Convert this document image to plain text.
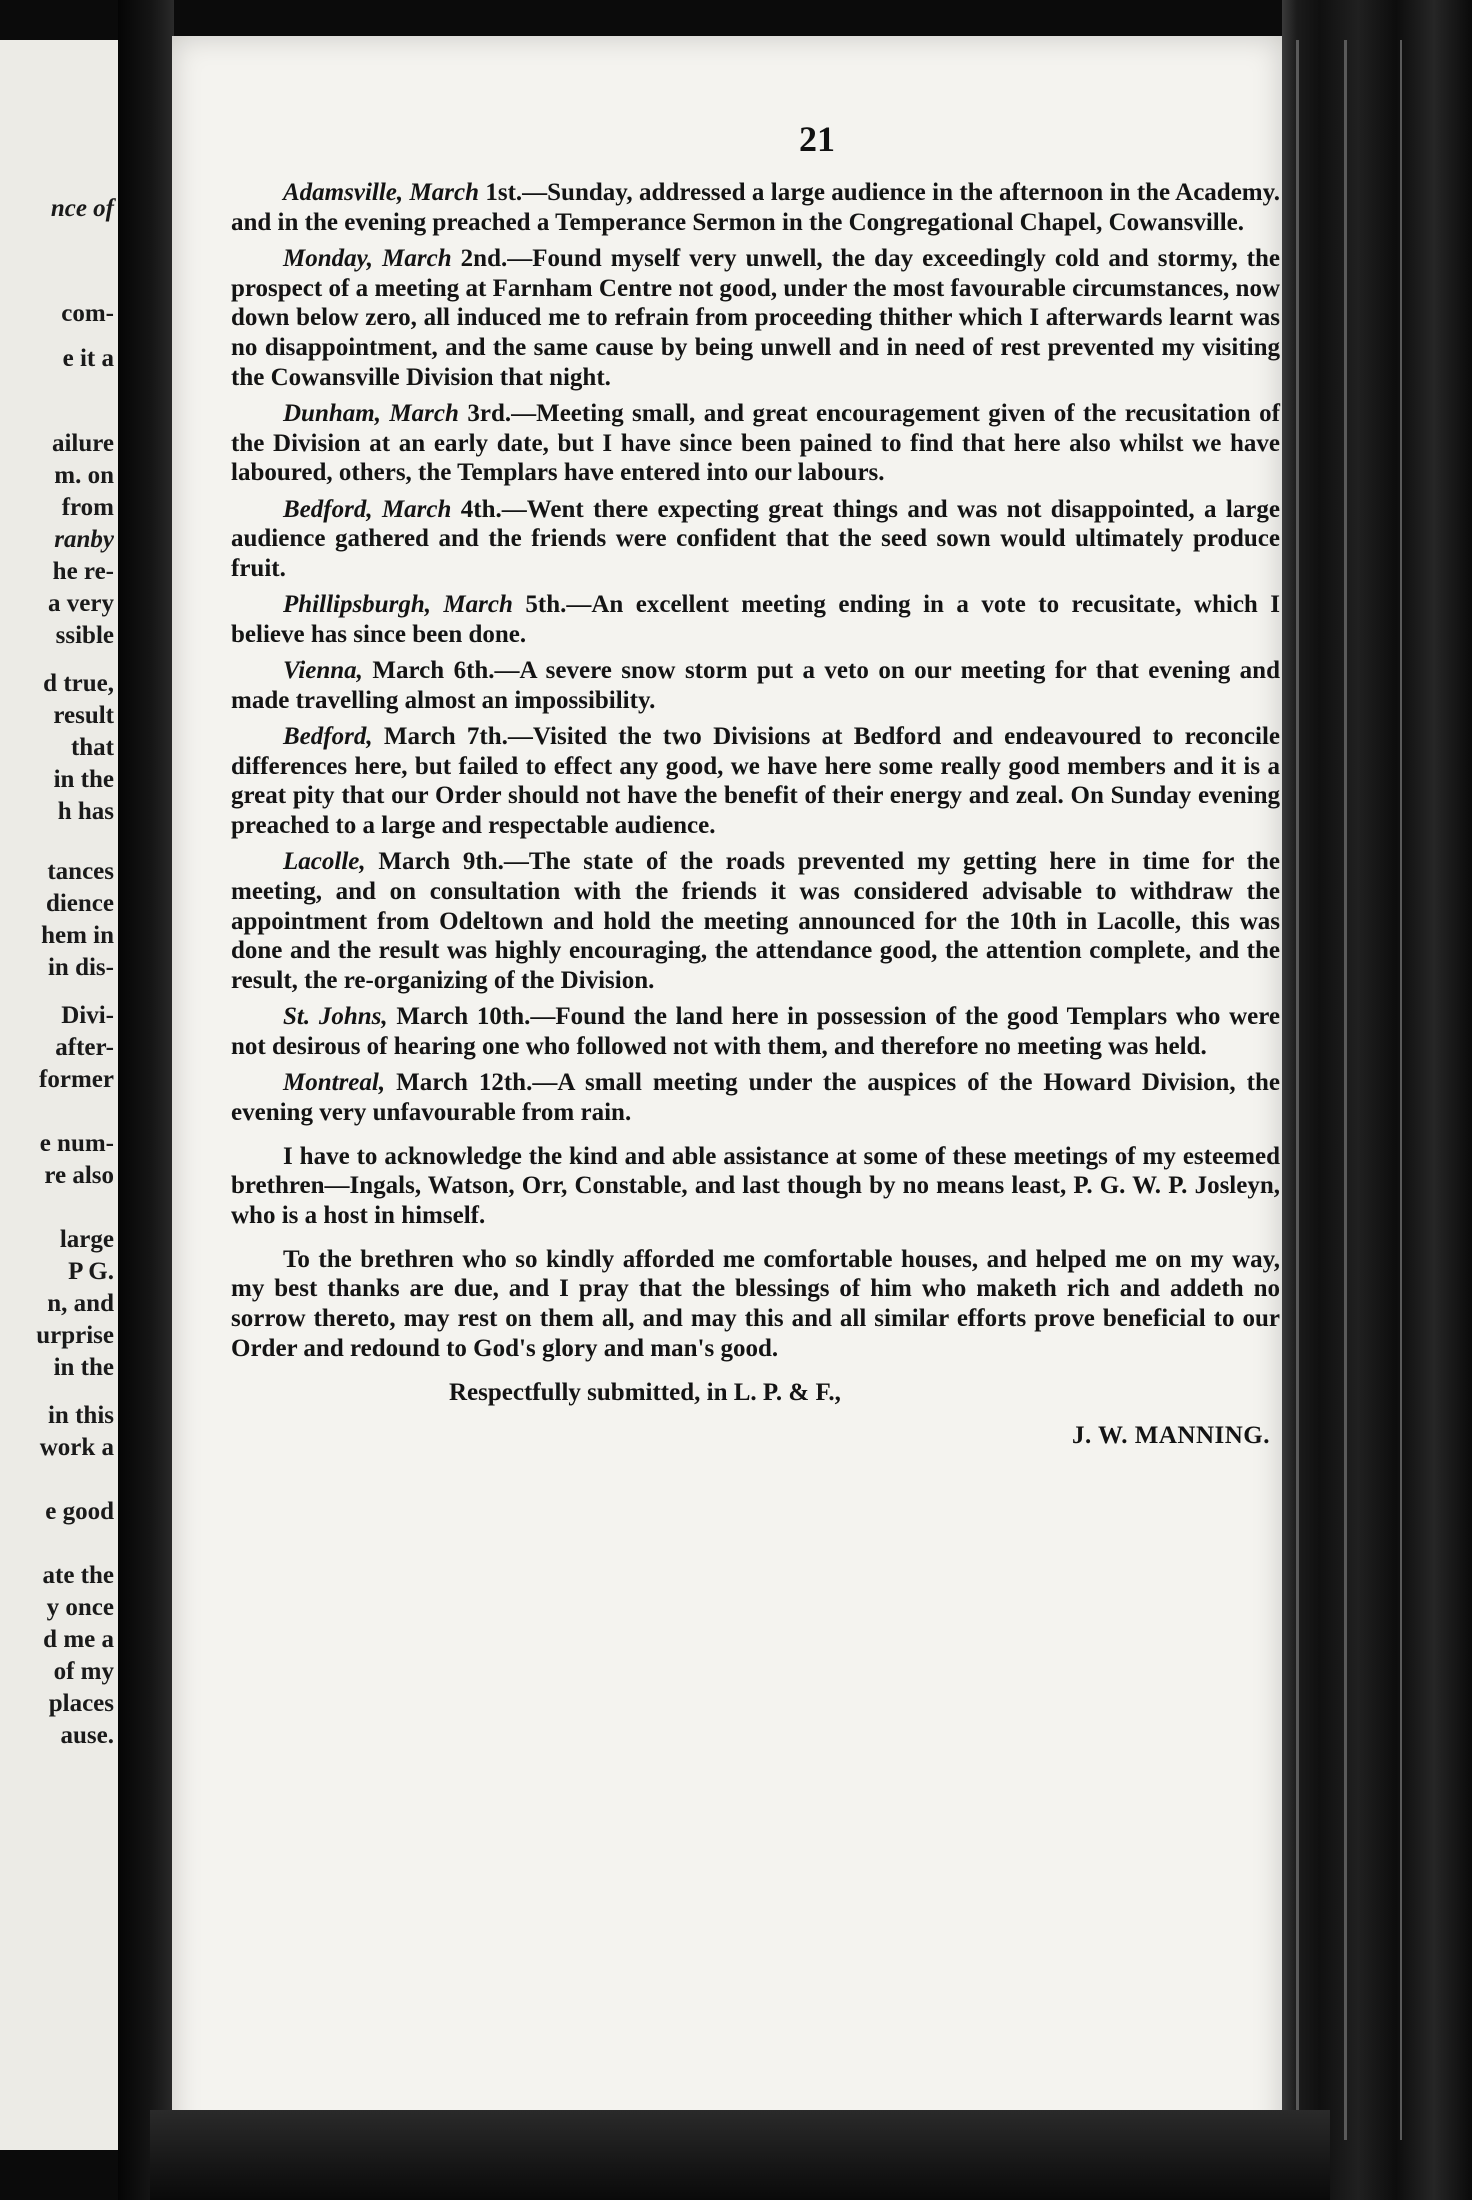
nce of
com-
e it a
ailure
m. on
from
ranby
he re-
a very
ssible
d true,
result
that
in the
h has
tances
dience
hem in
in dis-
Divi-
after-
former
e num-
re also
large
P G.
n, and
urprise
in the
in this
work a
e good
ate the
y once
d me a
of my
places
ause.
21

Adamsville, March 1st.—Sunday, addressed a large audience in the afternoon in the Academy. and in the evening preached a Temperance Sermon in the Congregational Chapel, Cowansville.

Monday, March 2nd.—Found myself very unwell, the day exceedingly cold and stormy, the prospect of a meeting at Farnham Centre not good, under the most favourable circumstances, now down below zero, all induced me to refrain from proceeding thither which I afterwards learnt was no disappointment, and the same cause by being unwell and in need of rest prevented my visiting the Cowansville Division that night.

Dunham, March 3rd.—Meeting small, and great encouragement given of the recusitation of the Division at an early date, but I have since been pained to find that here also whilst we have laboured, others, the Templars have entered into our labours.

Bedford, March 4th.—Went there expecting great things and was not disappointed, a large audience gathered and the friends were confident that the seed sown would ultimately produce fruit.

Phillipsburgh, March 5th.—An excellent meeting ending in a vote to recusitate, which I believe has since been done.

Vienna, March 6th.—A severe snow storm put a veto on our meeting for that evening and made travelling almost an impossibility.

Bedford, March 7th.—Visited the two Divisions at Bedford and endeavoured to reconcile differences here, but failed to effect any good, we have here some really good members and it is a great pity that our Order should not have the benefit of their energy and zeal. On Sunday evening preached to a large and respectable audience.

Lacolle, March 9th.—The state of the roads prevented my getting here in time for the meeting, and on consultation with the friends it was considered advisable to withdraw the appointment from Odeltown and hold the meeting announced for the 10th in Lacolle, this was done and the result was highly encouraging, the attendance good, the attention complete, and the result, the re-organizing of the Division.

St. Johns, March 10th.—Found the land here in possession of the good Templars who were not desirous of hearing one who followed not with them, and therefore no meeting was held.

Montreal, March 12th.—A small meeting under the auspices of the Howard Division, the evening very unfavourable from rain.

I have to acknowledge the kind and able assistance at some of these meetings of my esteemed brethren—Ingals, Watson, Orr, Constable, and last though by no means least, P. G. W. P. Josleyn, who is a host in himself.

To the brethren who so kindly afforded me comfortable houses, and helped me on my way, my best thanks are due, and I pray that the blessings of him who maketh rich and addeth no sorrow thereto, may rest on them all, and may this and all similar efforts prove beneficial to our Order and redound to God's glory and man's good.

Respectfully submitted, in L. P. & F.,

J. W. MANNING.
